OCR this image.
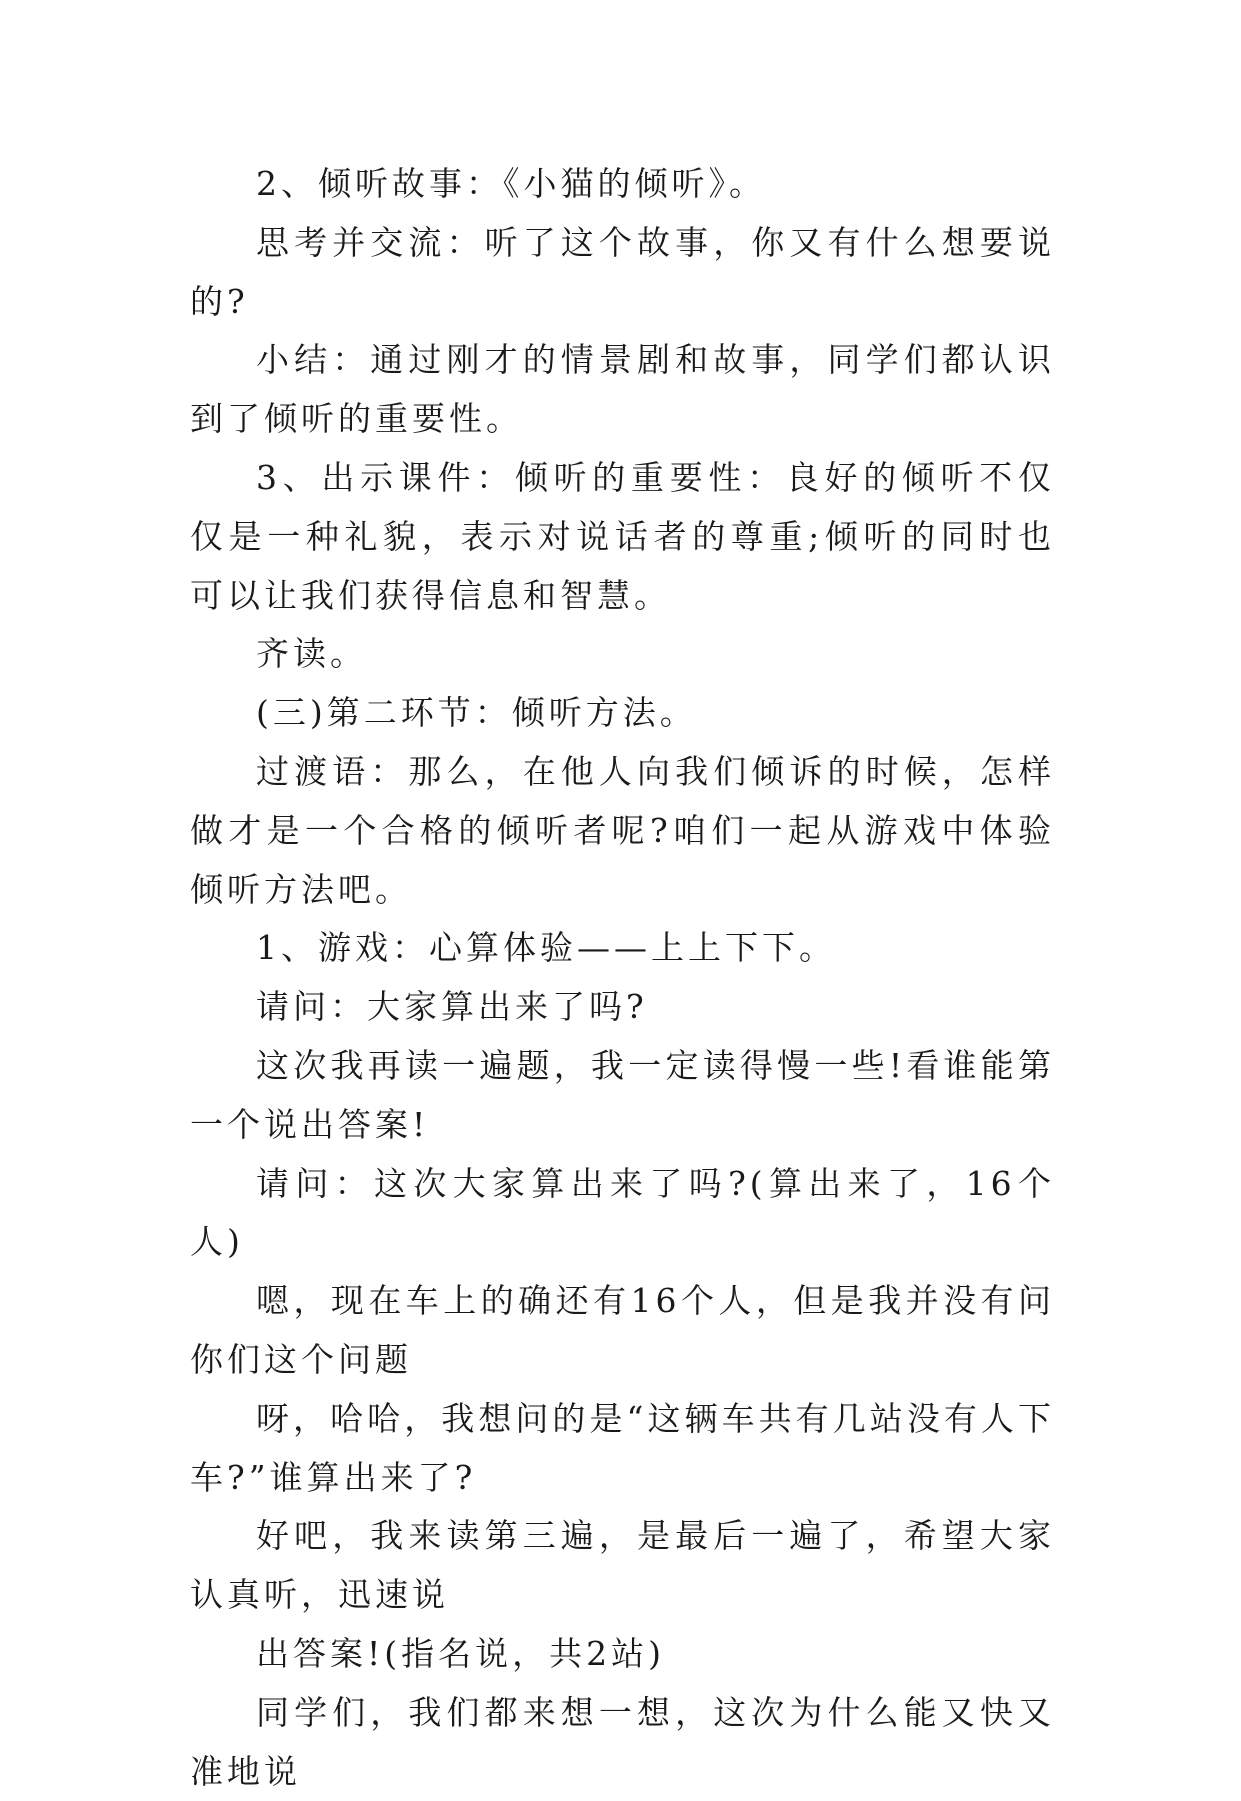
2、倾听故事：《小猫的倾听》。

思考并交流：听了这个故事，你又有什么想要说的?

小结：通过刚才的情景剧和故事，同学们都认识到了倾听的重要性。

3、出示课件：倾听的重要性：良好的倾听不仅仅是一种礼貌，表示对说话者的尊重;倾听的同时也可以让我们获得信息和智慧。

齐读。

(三)第二环节：倾听方法。

过渡语：那么，在他人向我们倾诉的时候，怎样做才是一个合格的倾听者呢?咱们一起从游戏中体验倾听方法吧。

1、游戏：心算体验——上上下下。

请问：大家算出来了吗?

这次我再读一遍题，我一定读得慢一些!看谁能第一个说出答案!

请问：这次大家算出来了吗?(算出来了，16个人)

嗯，现在车上的确还有16个人，但是我并没有问你们这个问题

呀，哈哈，我想问的是“这辆车共有几站没有人下车?”谁算出来了?

好吧，我来读第三遍，是最后一遍了，希望大家认真听，迅速说

出答案!(指名说，共2站)

同学们，我们都来想一想，这次为什么能又快又准地说
